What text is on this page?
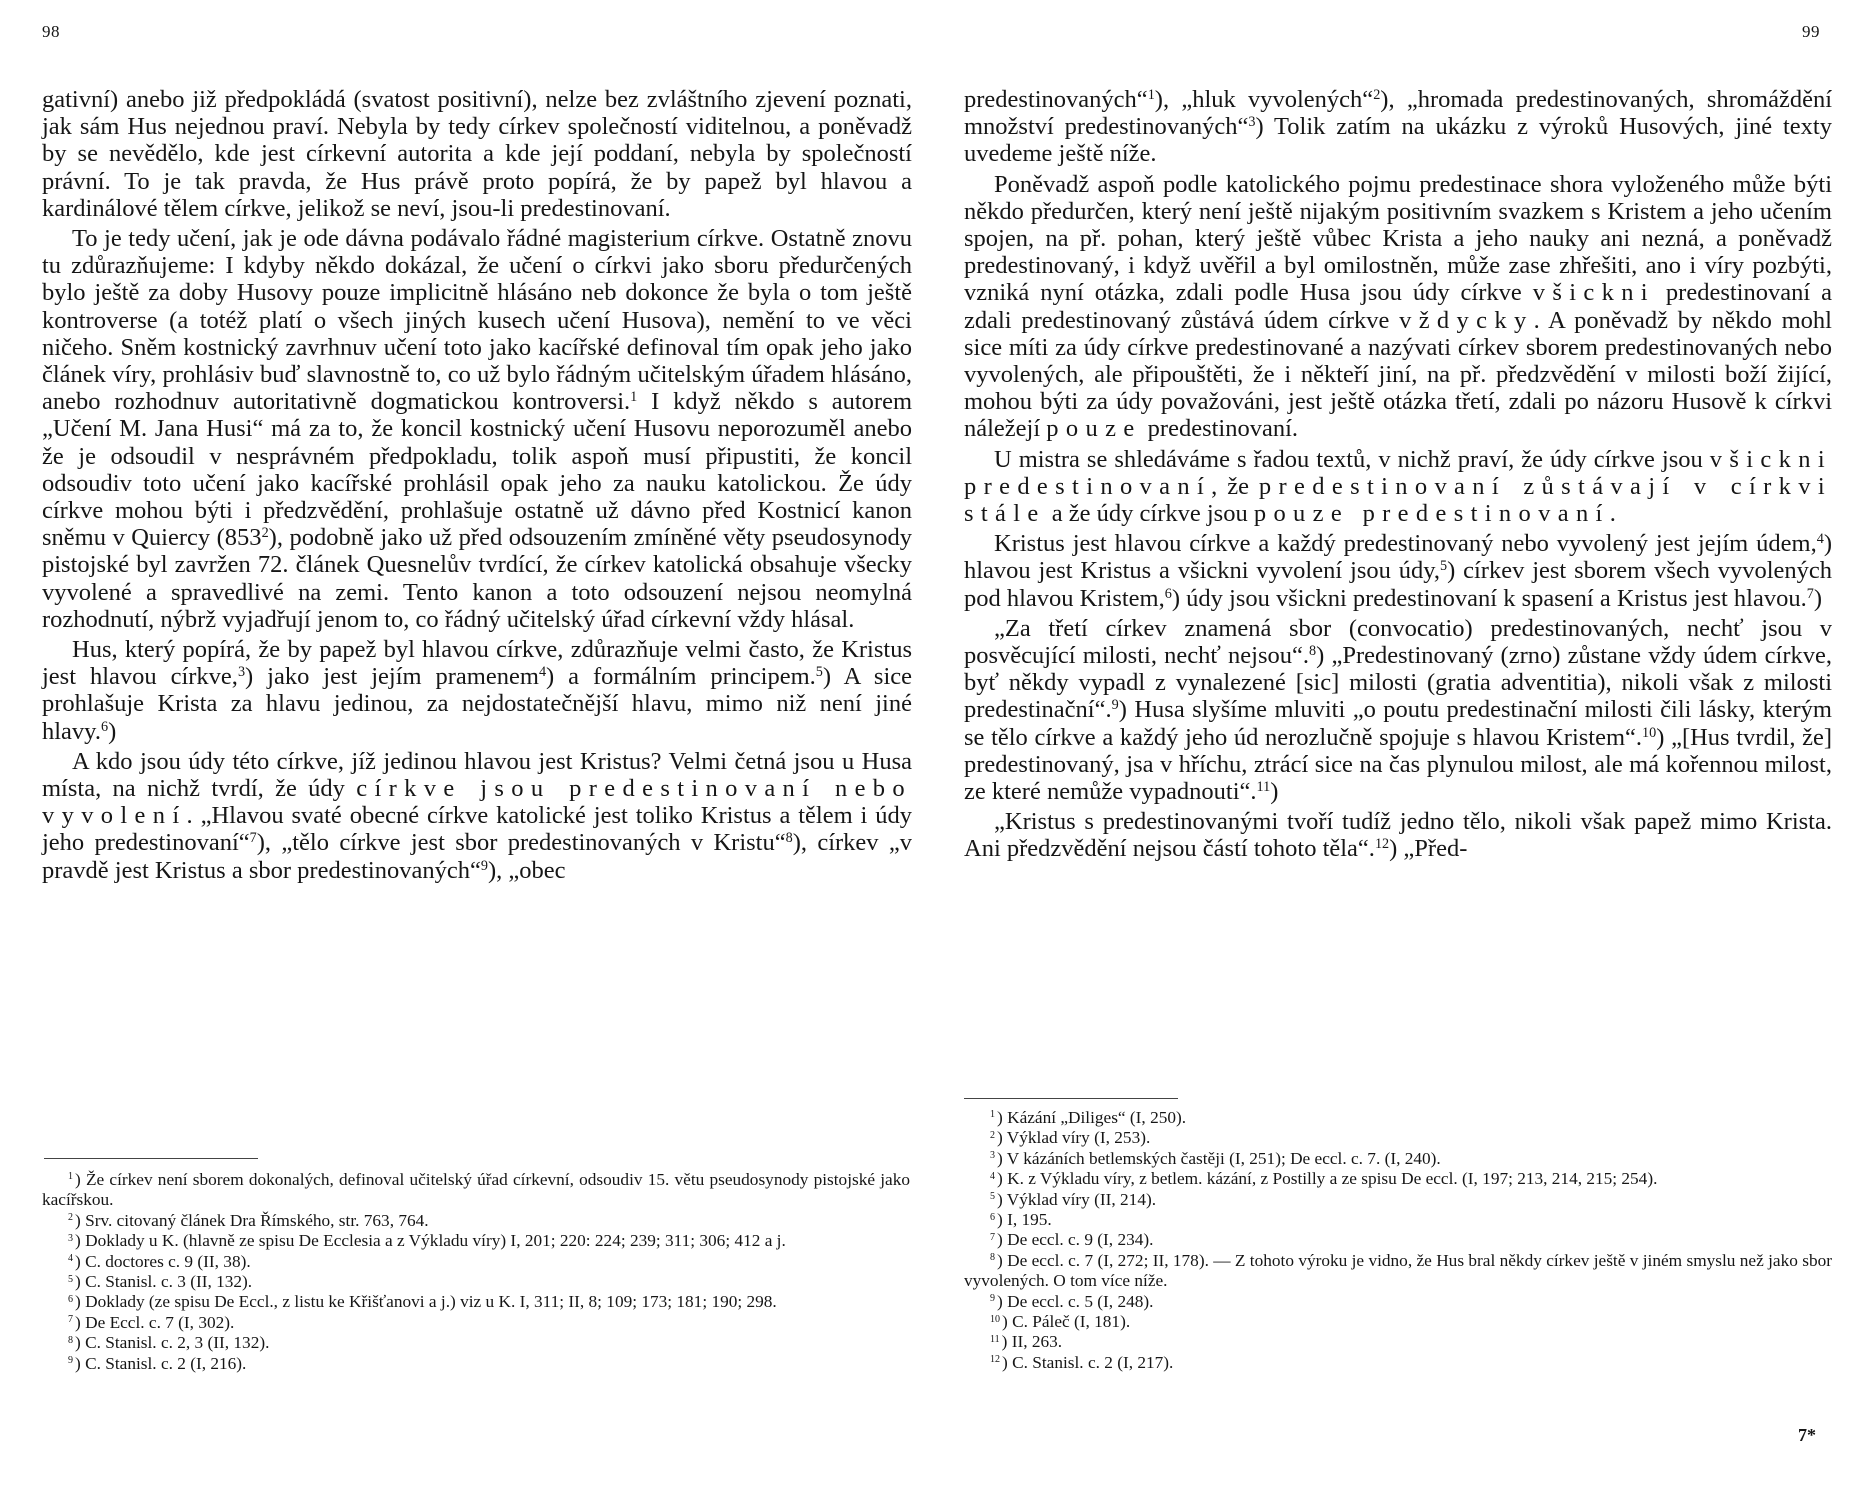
98

gativní) anebo již předpokládá (svatost positivní), nelze bez zvláštního zjevení poznati, jak sám Hus nejednou praví. Nebyla by tedy církev společností viditelnou, a poněvadž by se nevědělo, kde jest církevní autorita a kde její poddaní, nebyla by společností právní. To je tak pravda, že Hus právě proto popírá, že by papež byl hlavou a kardinálové tělem církve, jelikož se neví, jsou-li predestinovaní.

To je tedy učení, jak je ode dávna podávalo řádné magisterium církve. Ostatně znovu tu zdůrazňujeme: I kdyby někdo dokázal, že učení o církvi jako sboru předurčených bylo ještě za doby Husovy pouze implicitně hlásáno neb dokonce že byla o tom ještě kontroverse (a totéž platí o všech jiných kusech učení Husova), nemění to ve věci ničeho. Sněm kostnický zavrhnuv učení toto jako kacířské definoval tím opak jeho jako článek víry, prohlásiv buď slavnostně to, co už bylo řádným učitelským úřadem hlásáno, anebo rozhodnuv autoritativně dogmatickou kontroversi.$^1$ I když někdo s autorem „Učení M. Jana Husi“ má za to, že koncil kostnický učení Husovu neporozuměl anebo že je odsoudil v nesprávném předpokladu, tolik aspoň musí připustiti, že koncil odsoudiv toto učení jako kacířské prohlásil opak jeho za nauku katolickou. Že údy církve mohou býti i předzvědění, prohlašuje ostatně už dávno před Kostnicí kanon sněmu v Quiercy $(853^2)$, podobně jako už před odsouzením zmíněné věty pseudosynody pistojské byl zavržen 72. článek Quesnelův tvrdící, že církev katolická obsahuje všecky vyvolené a spravedlivé na zemi. Tento kanon a toto odsouzení nejsou neomylná rozhodnutí, nýbrž vyjadřují jenom to, co řádný učitelský úřad církevní vždy hlásal.

Hus, který popírá, že by papež byl hlavou církve, zdůrazňuje velmi často, že Kristus jest hlavou církve,$^3$) jako jest jejím pramenem$^4$) a formálním principem.$^5$) A sice prohlašuje Krista za hlavu jedinou, za nejdostatečnější hlavu, mimo niž není jiné hlavy.$^6$)

A kdo jsou údy této církve, jíž jedinou hlavou jest Kristus? Velmi četná jsou u Husa místa, na nichž tvrdí, že údy církve jsou predestinovaní nebo vyvolení. „Hlavou svaté obecné církve katolické jest toliko Kristus a tělem i údy jeho predestinovaní“$^7$), „tělo církve jest sbor predestinovaných v Kristu“$^8$), církev „v pravdě jest Kristus a sbor predestinovaných“$^9$), „obec

$^1$ ) Že církev není sborem dokonalých, definoval učitelský úřad církevní, odsoudiv 15. větu pseudosynody pistojské jako kacířskou.

$^2$ ) Srv. citovaný článek Dra Římského, str. 763, 764.

$^3$ ) Doklady u K. (hlavně ze spisu De Ecclesia a z Výkladu víry) I, 201; 220: 224; 239; 311; 306; 412 a j.

$^4$ ) C. doctores c. 9 (II, 38).

$^5$ ) C. Stanisl. c. 3 (II, 132).

$^6$ ) Doklady (ze spisu De Eccl., z listu ke Křišťanovi a j.) viz u K. I, 311; II, 8; 109; 173; 181; 190; 298.

$^7$ ) De Eccl. c. 7 (I, 302).

$^8$ ) C. Stanisl. c. 2, 3 (II, 132).

$^9$ ) C. Stanisl. c. 2 (I, 216).

99

predestinovaných“$^1$), „hluk vyvolených“$^2$), „hromada predestinovaných, shromáždění množství predestinovaných“$^3$) Tolik zatím na ukázku z výroků Husových, jiné texty uvedeme ještě níže.

Poněvadž aspoň podle katolického pojmu predestinace shora vyloženého může býti někdo předurčen, který není ještě nijakým positivním svazkem s Kristem a jeho učením spojen, na př. pohan, který ještě vůbec Krista a jeho nauky ani nezná, a poněvadž predestinovaný, i když uvěřil a byl omilostněn, může zase zhřešiti, ano i víry pozbýti, vzniká nyní otázka, zdali podle Husa jsou údy církve všickni predestinovaní a zdali predestinovaný zůstává údem církve vždycky. A poněvadž by někdo mohl sice míti za údy církve predestinované a nazývati církev sborem predestinovaných nebo vyvolených, ale připouštěti, že i někteří jiní, na př. předzvědění v milosti boží žijící, mohou býti za údy považováni, jest ještě otázka třetí, zdali po názoru Husově k církvi náležejí pouze predestinovaní.

U mistra se shledáváme s řadou textů, v nichž praví, že údy církve jsou všickni predestinovaní, že predestinovaní zůstávají v církvi stále a že údy církve jsou pouze predestinovaní.

Kristus jest hlavou církve a každý predestinovaný nebo vyvolený jest jejím údem,$^4$) hlavou jest Kristus a všickni vyvolení jsou údy,$^5$) církev jest sborem všech vyvolených pod hlavou Kristem,$^6$) údy jsou všickni predestinovaní k spasení a Kristus jest hlavou.$^7$)

„Za třetí církev znamená sbor (convocatio) predestinovaných, nechť jsou v posvěcující milosti, nechť nejsou“.$^8$) „Predestinovaný (zrno) zůstane vždy údem církve, byť někdy vypadl z vynalezené [sic] milosti (gratia adventitia), nikoli však z milosti predestinační“.$^9$) Husa slyšíme mluviti „o poutu predestinační milosti čili lásky, kterým se tělo církve a každý jeho úd nerozlučně spojuje s hlavou Kristem“.$^{10}$) „[Hus tvrdil, že] predestinovaný, jsa v hříchu, ztrácí sice na čas plynulou milost, ale má kořennou milost, ze které nemůže vypadnouti“.$^{11}$)

„Kristus s predestinovanými tvoří tudíž jedno tělo, nikoli však papež mimo Krista. Ani předzvědění nejsou částí tohoto těla“.$^{12}$) „Před-

$^1$ ) Kázání „Diliges“ (I, 250).

$^2$ ) Výklad víry (I, 253).

$^3$ ) V kázáních betlemských častěji (I, 251); De eccl. c. 7. (I, 240).

$^4$ ) K. z Výkladu víry, z betlem. kázání, z Postilly a ze spisu De eccl. (I, 197; 213, 214, 215; 254).

$^5$ ) Výklad víry (II, 214).

$^6$ ) I, 195.

$^7$ ) De eccl. c. 9 (I, 234).

$^8$ ) De eccl. c. 7 (I, 272; II, 178). — Z tohoto výroku je vidno, že Hus bral někdy církev ještě v jiném smyslu než jako sbor vyvolených. O tom více níže.

$^9$ ) De eccl. c. 5 (I, 248).

$^{10}$ ) C. Páleč (I, 181).

$^{11}$ ) II, 263.

$^{12}$ ) C. Stanisl. c. 2 (I, 217).

7*
